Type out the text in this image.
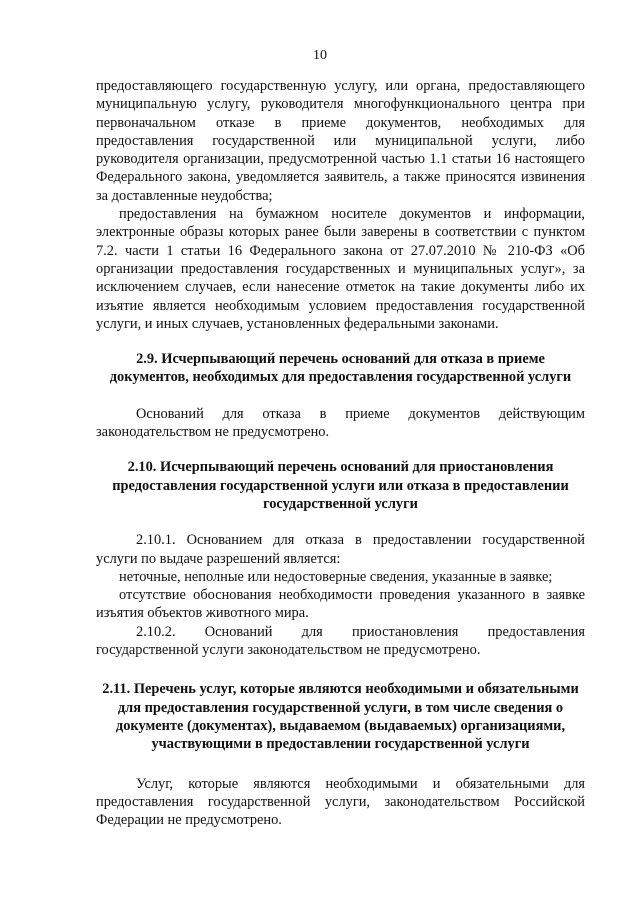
10

предоставляющего государственную услугу, или органа, предоставляющего муниципальную услугу, руководителя многофункционального центра при первоначальном отказе в приеме документов, необходимых для предоставления государственной или муниципальной услуги, либо руководителя организации, предусмотренной частью 1.1 статьи 16 настоящего Федерального закона, уведомляется заявитель, а также приносятся извинения за доставленные неудобства;

предоставления на бумажном носителе документов и информации, электронные образы которых ранее были заверены в соответствии с пунктом 7.2. части 1 статьи 16 Федерального закона от 27.07.2010 № 210-ФЗ «Об организации предоставления государственных и муниципальных услуг», за исключением случаев, если нанесение отметок на такие документы либо их изъятие является необходимым условием предоставления государственной услуги, и иных случаев, установленных федеральными законами.

2.9. Исчерпывающий перечень оснований для отказа в приеме документов, необходимых для предоставления государственной услуги

Оснований для отказа в приеме документов действующим законодательством не предусмотрено.

2.10. Исчерпывающий перечень оснований для приостановления предоставления государственной услуги или отказа в предоставлении государственной услуги

2.10.1. Основанием для отказа в предоставлении государственной услуги по выдаче разрешений является:

неточные, неполные или недостоверные сведения, указанные в заявке;

отсутствие обоснования необходимости проведения указанного в заявке изъятия объектов животного мира.

2.10.2. Оснований для приостановления предоставления государственной услуги законодательством не предусмотрено.

2.11. Перечень услуг, которые являются необходимыми и обязательными для предоставления государственной услуги, в том числе сведения о документе (документах), выдаваемом (выдаваемых) организациями, участвующими в предоставлении государственной услуги

Услуг, которые являются необходимыми и обязательными для предоставления государственной услуги, законодательством Российской Федерации не предусмотрено.
